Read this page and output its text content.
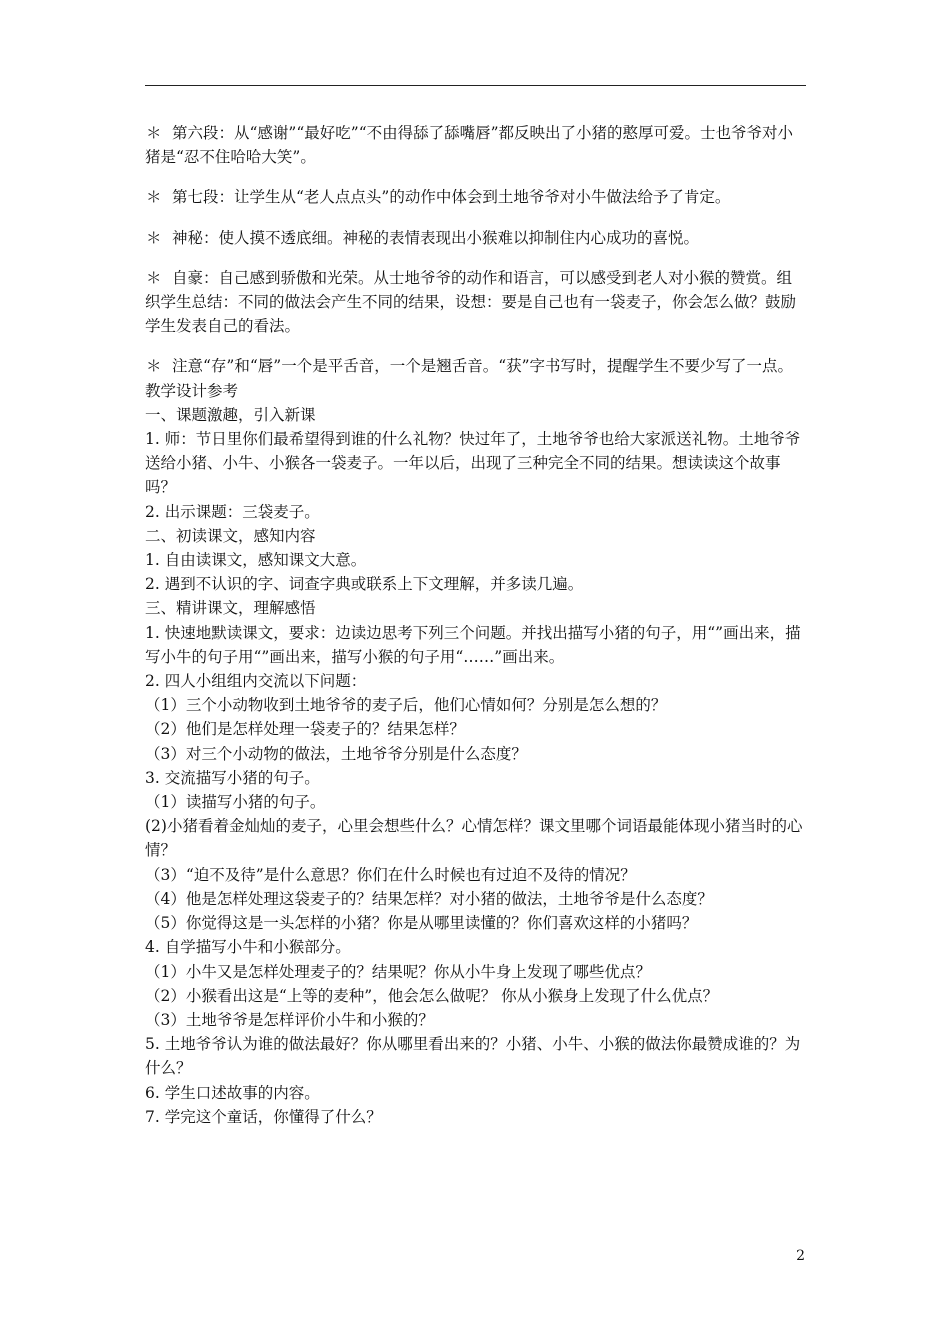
＊ 第六段：从“感谢”“最好吃”“不由得舔了舔嘴唇”都反映出了小猪的憨厚可爱。士也爷爷对小猪是“忍不住哈哈大笑”。

＊ 第七段：让学生从“老人点点头”的动作中体会到土地爷爷对小牛做法给予了肯定。

＊ 神秘：使人摸不透底细。神秘的表情表现出小猴难以抑制住内心成功的喜悦。

＊ 自豪：自己感到骄傲和光荣。从士地爷爷的动作和语言，可以感受到老人对小猴的赞赏。组织学生总结：不同的做法会产生不同的结果，设想：要是自己也有一袋麦子，你会怎么做？鼓励学生发表自己的看法。

＊ 注意“存”和“唇”一个是平舌音，一个是翘舌音。“获”字书写时，提醒学生不要少写了一点。

教学设计参考

一、课题激趣，引入新课

1. 师：节日里你们最希望得到谁的什么礼物？快过年了，土地爷爷也给大家派送礼物。土地爷爷送给小猪、小牛、小猴各一袋麦子。一年以后，出现了三种完全不同的结果。想读读这个故事吗？

2. 出示课题：三袋麦子。

二、初读课文，感知内容

1. 自由读课文，感知课文大意。

2. 遇到不认识的字、词查字典或联系上下文理解，并多读几遍。

三、精讲课文，理解感悟

1. 快速地默读课文，要求：边读边思考下列三个问题。并找出描写小猪的句子，用“”画出来，描写小牛的句子用“”画出来，描写小猴的句子用“……”画出来。

2. 四人小组组内交流以下问题：

（1）三个小动物收到土地爷爷的麦子后，他们心情如何？分别是怎么想的？

（2）他们是怎样处理一袋麦子的？结果怎样？

（3）对三个小动物的做法，土地爷爷分别是什么态度？

3. 交流描写小猪的句子。

（1）读描写小猪的句子。

(2)小猪看着金灿灿的麦子，心里会想些什么？心情怎样？课文里哪个词语最能体现小猪当时的心情？

（3）“迫不及待”是什么意思？你们在什么时候也有过迫不及待的情况？

（4）他是怎样处理这袋麦子的？结果怎样？对小猪的做法，土地爷爷是什么态度？

（5）你觉得这是一头怎样的小猪？你是从哪里读懂的？你们喜欢这样的小猪吗？

4. 自学描写小牛和小猴部分。

（1）小牛又是怎样处理麦子的？结果呢？你从小牛身上发现了哪些优点？

（2）小猴看出这是“上等的麦种”，他会怎么做呢？ 你从小猴身上发现了什么优点？

（3）土地爷爷是怎样评价小牛和小猴的？

5. 土地爷爷认为谁的做法最好？你从哪里看出来的？小猪、小牛、小猴的做法你最赞成谁的？为什么？

6. 学生口述故事的内容。

7. 学完这个童话，你懂得了什么？

2
